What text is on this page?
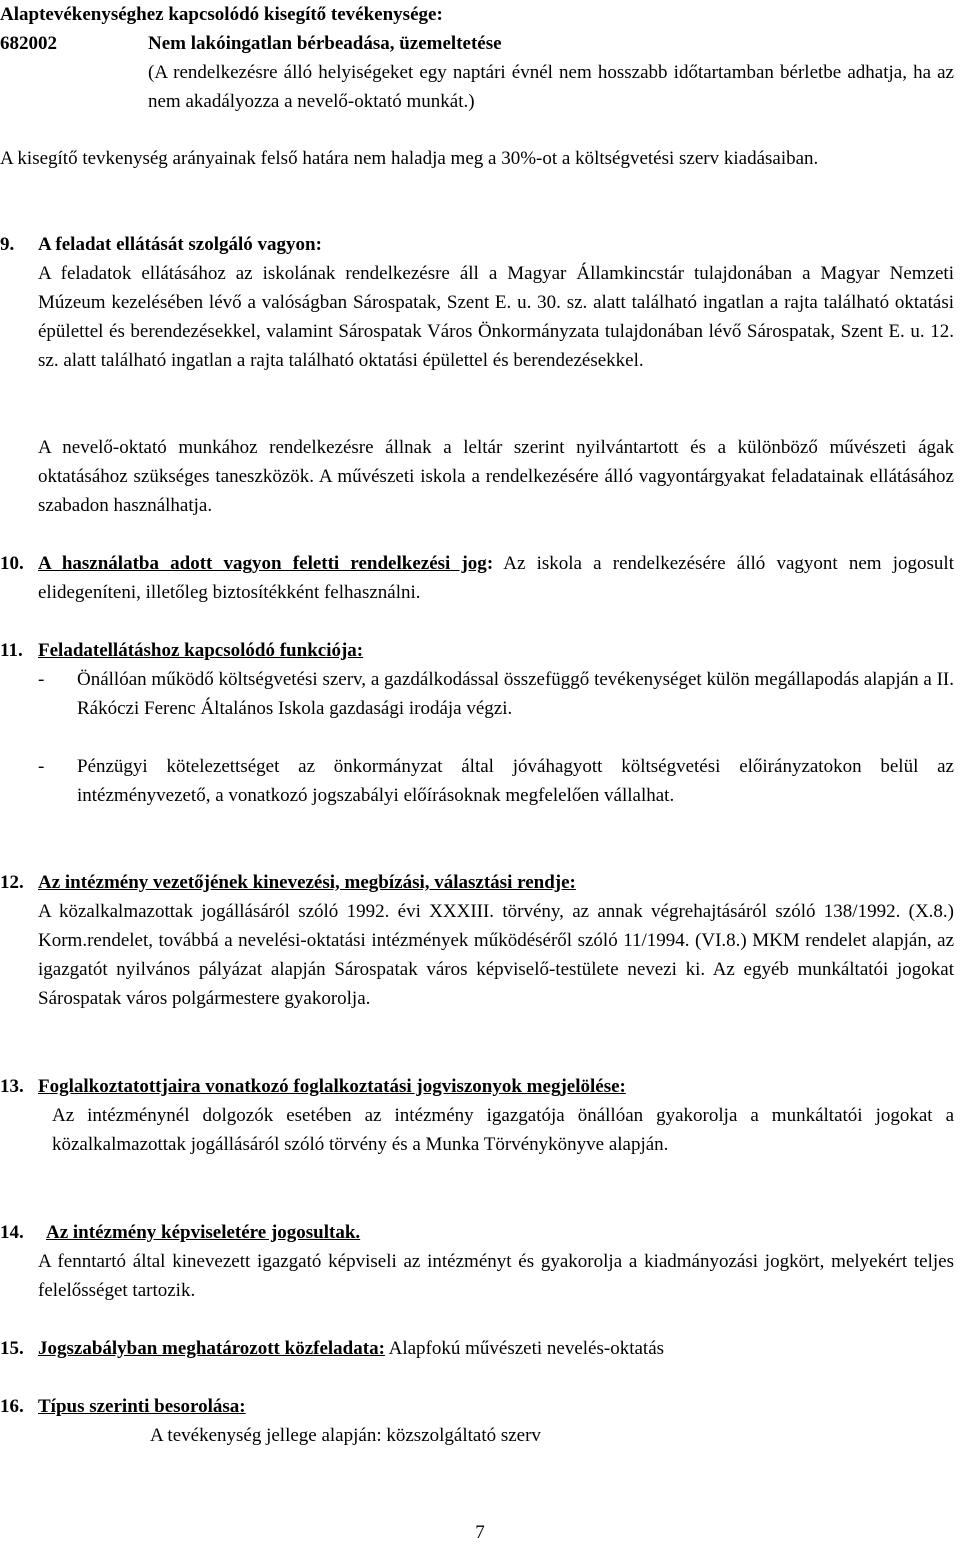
Alaptevékenységhez kapcsolódó kisegítő tevékenysége:
682002	Nem lakóingatlan bérbeadása, üzemeltetése
(A rendelkezésre álló helyiségeket egy naptári évnél nem hosszabb időtartamban bérletbe adhatja, ha az nem akadályozza a nevelő-oktató munkát.)
A kisegítő tevkenység arányainak felső határa nem haladja meg a 30%-ot a költségvetési szerv kiadásaiban.
9. A feladat ellátását szolgáló vagyon:
A feladatok ellátásához az iskolának rendelkezésre áll a Magyar Államkincstár tulajdonában a Magyar Nemzeti Múzeum kezelésében lévő a valóságban Sárospatak, Szent E. u. 30. sz. alatt található ingatlan a rajta található oktatási épülettel és berendezésekkel, valamint Sárospatak Város Önkormányzata tulajdonában lévő Sárospatak, Szent E. u. 12. sz. alatt található ingatlan a rajta található oktatási épülettel és berendezésekkel.
A nevelő-oktató munkához rendelkezésre állnak a leltár szerint nyilvántartott és a különböző művészeti ágak oktatásához szükséges taneszközök. A művészeti iskola a rendelkezésére álló vagyontárgyakat feladatainak ellátásához szabadon használhatja.
10. A használatba adott vagyon feletti rendelkezési jog: Az iskola a rendelkezésére álló vagyont nem jogosult elidegeníteni, illetőleg biztosítékként felhasználni.
11. Feladatellátáshoz kapcsolódó funkciója:
- Önállóan működő költségvetési szerv, a gazdálkodással összefüggő tevékenységet külön megállapodás alapján a II. Rákóczi Ferenc Általános Iskola gazdasági irodája végzi.
- Pénzügyi kötelezettséget az önkormányzat által jóváhagyott költségvetési előirányzatokon belül az intézményvezető, a vonatkozó jogszabályi előírásoknak megfelelően vállalhat.
12. Az intézmény vezetőjének kinevezési, megbízási, választási rendje:
A közalkalmazottak jogállásáról szóló 1992. évi XXXIII. törvény, az annak végrehajtásáról szóló 138/1992. (X.8.) Korm.rendelet, továbbá a nevelési-oktatási intézmények működéséről szóló 11/1994. (VI.8.) MKM rendelet alapján, az igazgatót nyilvános pályázat alapján Sárospatak város képviselő-testülete nevezi ki. Az egyéb munkáltatói jogokat Sárospatak város polgármestere gyakorolja.
13. Foglalkoztatottjaira vonatkozó foglalkoztatási jogviszonyok megjelölése:
Az intézménynél dolgozók esetében az intézmény igazgatója önállóan gyakorolja a munkáltatói jogokat a közalkalmazottak jogállásáról szóló törvény és a Munka Törvénykönyve alapján.
14. Az intézmény képviseletére jogosultak.
A fenntartó által kinevezett igazgató képviseli az intézményt és gyakorolja a kiadmányozási jogkört, melyekért teljes felelősséget tartozik.
15. Jogszabályban meghatározott közfeladata: Alapfokú művészeti nevelés-oktatás
16. Típus szerinti besorolása:
A tevékenység jellege alapján: közszolgáltató szerv
7
